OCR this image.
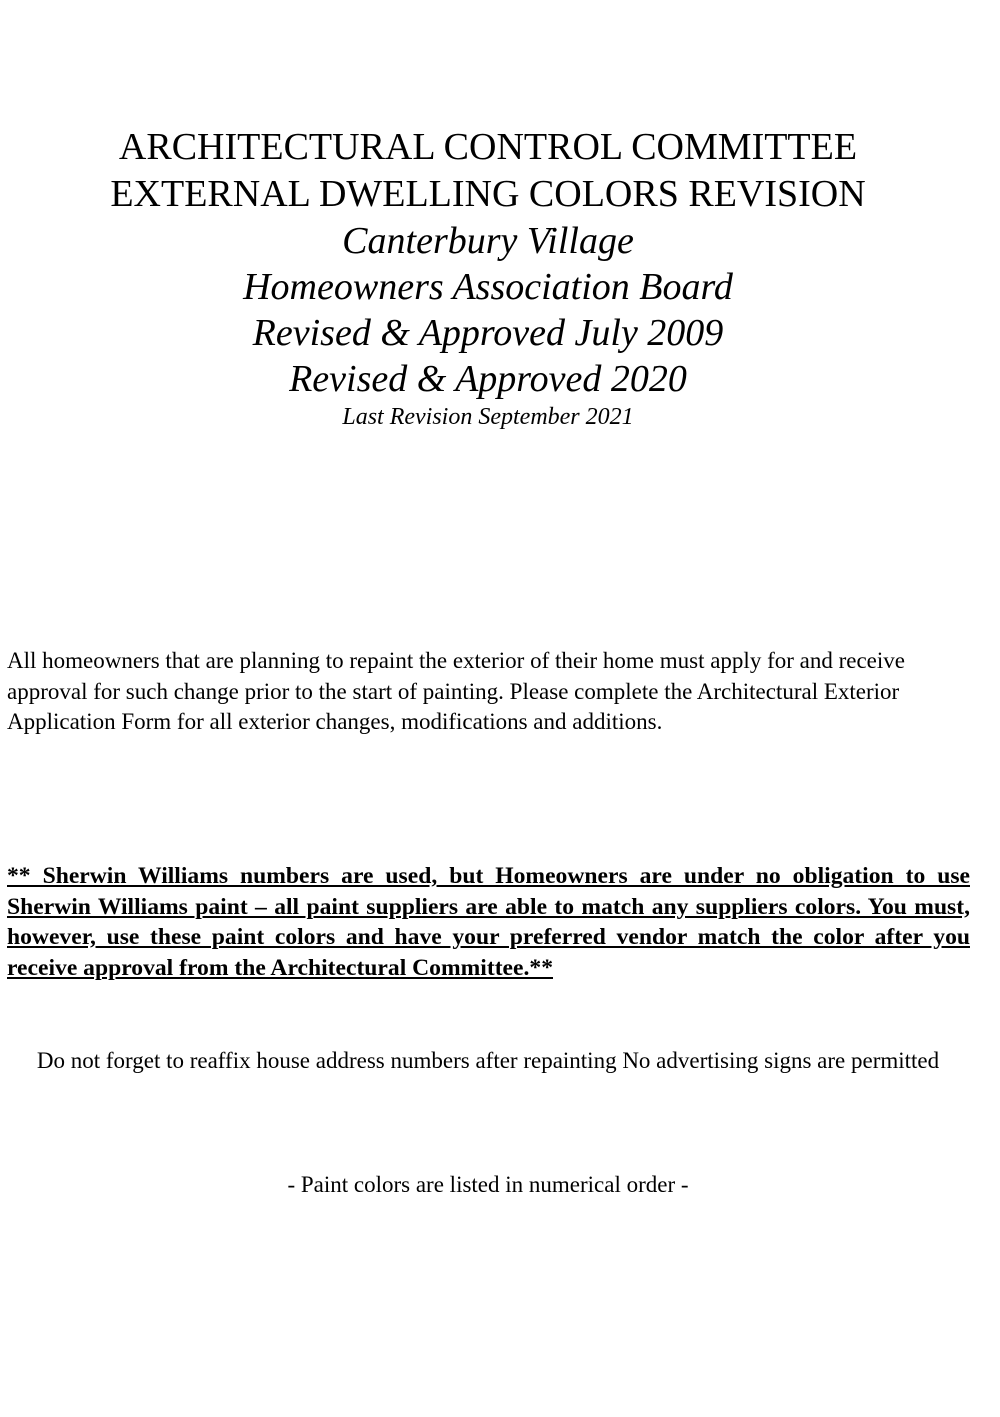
ARCHITECTURAL CONTROL COMMITTEE
EXTERNAL DWELLING COLORS REVISION
Canterbury Village
Homeowners Association Board
Revised & Approved July 2009
Revised & Approved 2020
Last Revision September 2021

All homeowners that are planning to repaint the exterior of their home must apply for and receive approval for such change prior to the start of painting. Please complete the Architectural Exterior Application Form for all exterior changes, modifications and additions.

** Sherwin Williams numbers are used, but Homeowners are under no obligation to use Sherwin Williams paint – all paint suppliers are able to match any suppliers colors. You must, however, use these paint colors and have your preferred vendor match the color after you receive approval from the Architectural Committee.**

Do not forget to reaffix house address numbers after repainting No advertising signs are permitted

- Paint colors are listed in numerical order -
